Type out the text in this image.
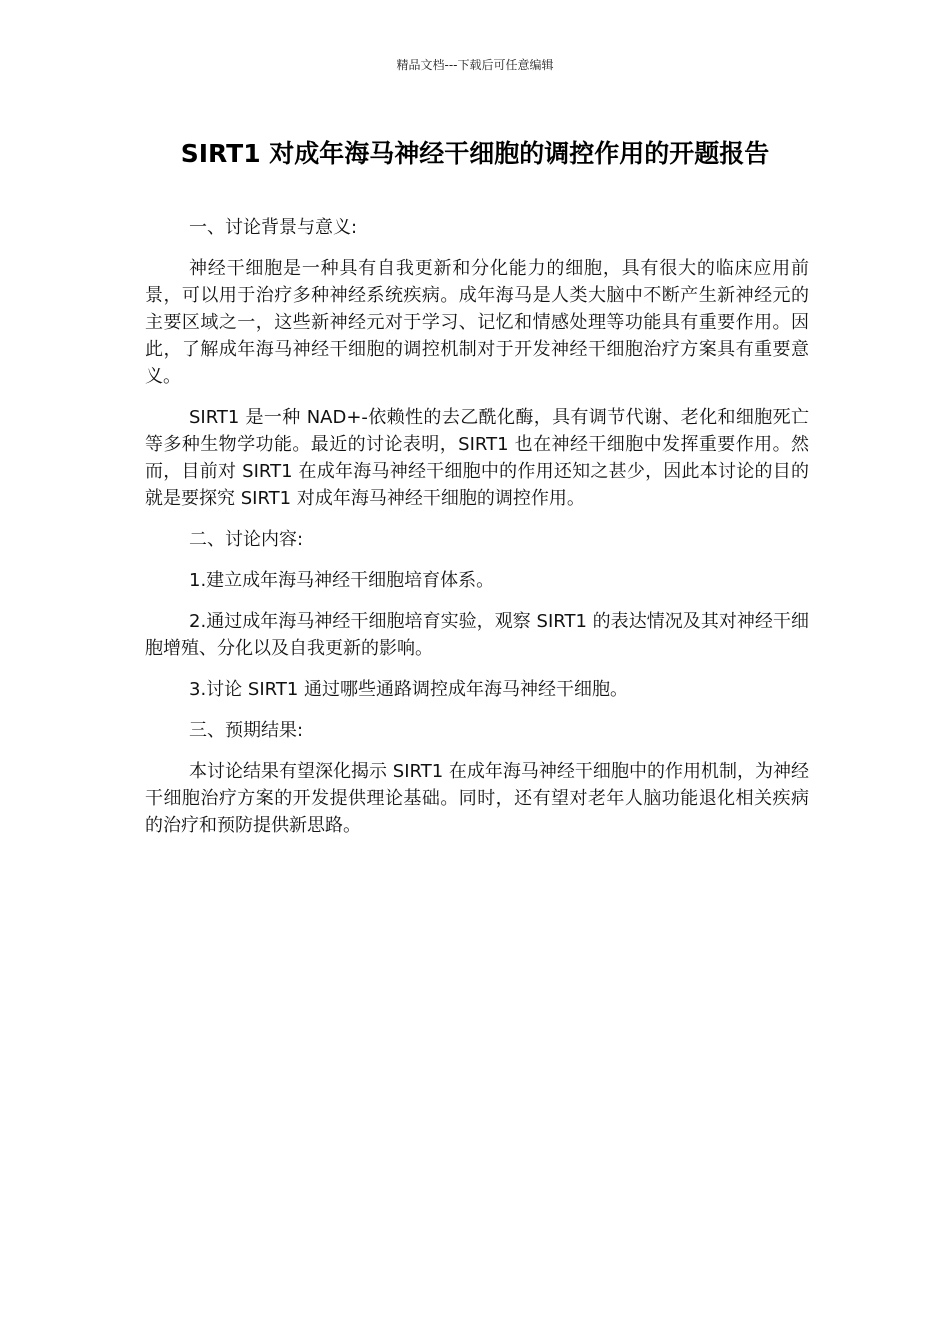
精品文档---下载后可任意编辑
SIRT1 对成年海马神经干细胞的调控作用的开题报告

一、讨论背景与意义:

神经干细胞是一种具有自我更新和分化能力的细胞，具有很大的临床应用前景，可以用于治疗多种神经系统疾病。成年海马是人类大脑中不断产生新神经元的主要区域之一，这些新神经元对于学习、记忆和情感处理等功能具有重要作用。因此，了解成年海马神经干细胞的调控机制对于开发神经干细胞治疗方案具有重要意义。

SIRT1 是一种 NAD+-依赖性的去乙酰化酶，具有调节代谢、老化和细胞死亡等多种生物学功能。最近的讨论表明，SIRT1 也在神经干细胞中发挥重要作用。然而，目前对 SIRT1 在成年海马神经干细胞中的作用还知之甚少，因此本讨论的目的就是要探究 SIRT1 对成年海马神经干细胞的调控作用。

二、讨论内容:

1.建立成年海马神经干细胞培育体系。

2.通过成年海马神经干细胞培育实验，观察 SIRT1 的表达情况及其对神经干细胞增殖、分化以及自我更新的影响。

3.讨论 SIRT1 通过哪些通路调控成年海马神经干细胞。

三、预期结果:

本讨论结果有望深化揭示 SIRT1 在成年海马神经干细胞中的作用机制，为神经干细胞治疗方案的开发提供理论基础。同时，还有望对老年人脑功能退化相关疾病的治疗和预防提供新思路。
